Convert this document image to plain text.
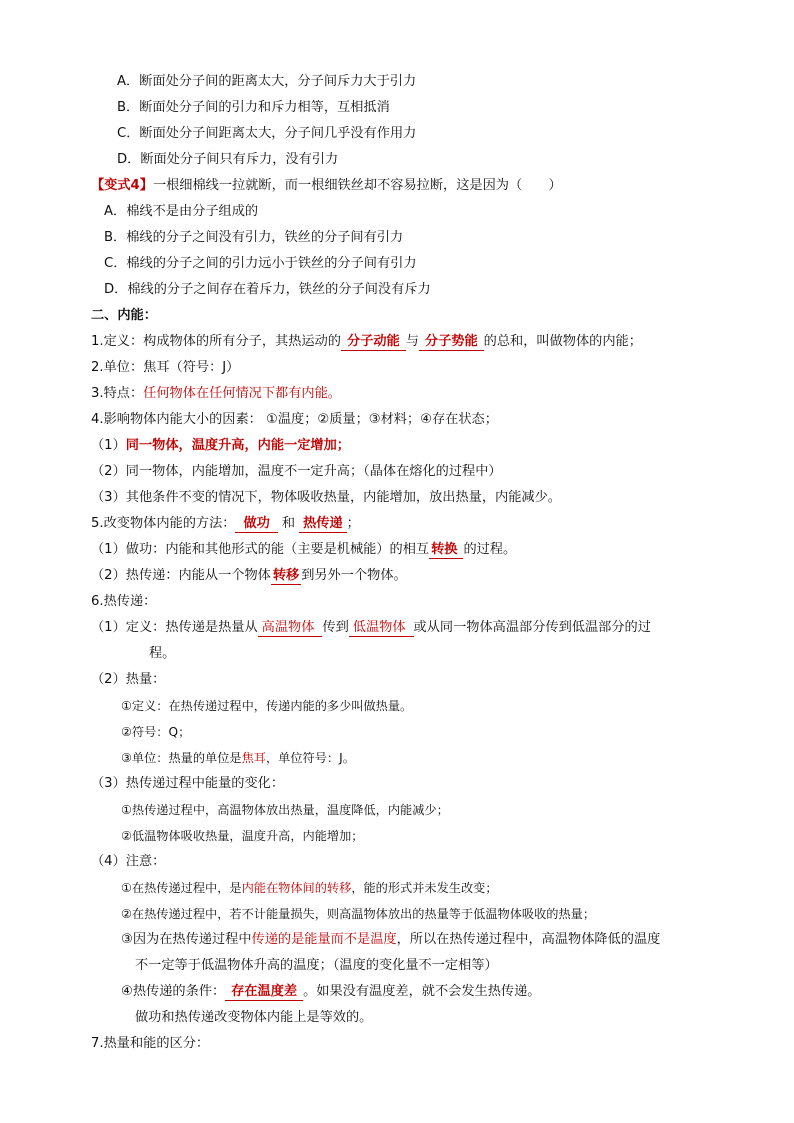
A．断面处分子间的距离太大，分子间斥力大于引力
B．断面处分子间的引力和斥力相等，互相抵消
C．断面处分子间距离太大，分子间几乎没有作用力
D．断面处分子间只有斥力，没有引力
【变式4】一根细棉线一拉就断，而一根细铁丝却不容易拉断，这是因为（　　）
A．棉线不是由分子组成的
B．棉线的分子之间没有引力，铁丝的分子间有引力
C．棉线的分子之间的引力远小于铁丝的分子间有引力
D．棉线的分子之间存在着斥力，铁丝的分子间没有斥力
二、内能：
1.定义：构成物体的所有分子，其热运动的 分子动能 与 分子势能 的总和，叫做物体的内能；
2.单位：焦耳（符号：J）
3.特点：任何物体在任何情况下都有内能。
4.影响物体内能大小的因素： ①温度；②质量；③材料；④存在状态；
（1）同一物体，温度升高，内能一定增加；
（2）同一物体，内能增加，温度不一定升高；（晶体在熔化的过程中）
（3）其他条件不变的情况下，物体吸收热量，内能增加，放出热量，内能减少。
5.改变物体内能的方法： 做功 和 热传递 ；
（1）做功：内能和其他形式的能（主要是机械能）的相互 转换 的过程。
（2）热传递：内能从一个物体 转移 到另外一个物体。
6.热传递：
（1）定义：热传递是热量从 高温物体 传到 低温物体 或从同一物体高温部分传到低温部分的过
程。
（2）热量：
①定义：在热传递过程中，传递内能的多少叫做热量。
②符号：Q；
③单位：热量的单位是焦耳，单位符号：J。
（3）热传递过程中能量的变化：
①热传递过程中，高温物体放出热量，温度降低，内能减少；
②低温物体吸收热量，温度升高，内能增加；
（4）注意：
①在热传递过程中，是内能在物体间的转移，能的形式并未发生改变；
②在热传递过程中，若不计能量损失，则高温物体放出的热量等于低温物体吸收的热量；
③因为在热传递过程中传递的是能量而不是温度，所以在热传递过程中，高温物体降低的温度
不一定等于低温物体升高的温度；（温度的变化量不一定相等）
④热传递的条件： 存在温度差 。如果没有温度差，就不会发生热传递。
做功和热传递改变物体内能上是等效的。
7.热量和能的区分：
